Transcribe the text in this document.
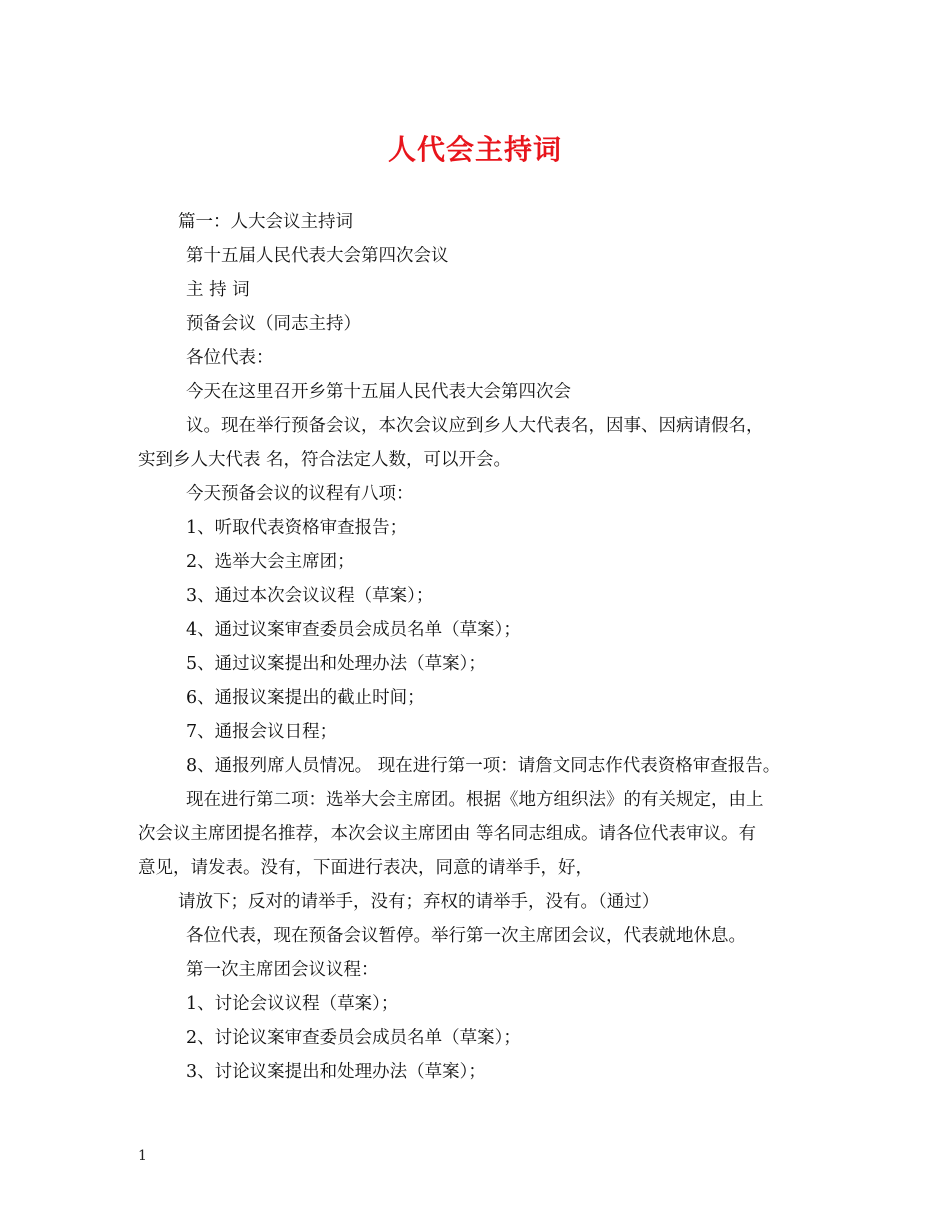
人代会主持词
篇一：人大会议主持词
第十五届人民代表大会第四次会议
主 持 词
预备会议（同志主持）
各位代表：
今天在这里召开乡第十五届人民代表大会第四次会
议。现在举行预备会议，本次会议应到乡人大代表名，因事、因病请假名，
实到乡人大代表 名，符合法定人数，可以开会。
今天预备会议的议程有八项：
1、听取代表资格审查报告；
2、选举大会主席团；
3、通过本次会议议程（草案）；
4、通过议案审查委员会成员名单（草案）；
5、通过议案提出和处理办法（草案）；
6、通报议案提出的截止时间；
7、通报会议日程；
8、通报列席人员情况。 现在进行第一项：请詹文同志作代表资格审查报告。
现在进行第二项：选举大会主席团。根据《地方组织法》的有关规定，由上
次会议主席团提名推荐，本次会议主席团由 等名同志组成。请各位代表审议。有
意见，请发表。没有，下面进行表决，同意的请举手，好，
请放下；反对的请举手，没有；弃权的请举手，没有。（通过）
各位代表，现在预备会议暂停。举行第一次主席团会议，代表就地休息。
第一次主席团会议议程：
1、讨论会议议程（草案）；
2、讨论议案审查委员会成员名单（草案）；
3、讨论议案提出和处理办法（草案）；
1
